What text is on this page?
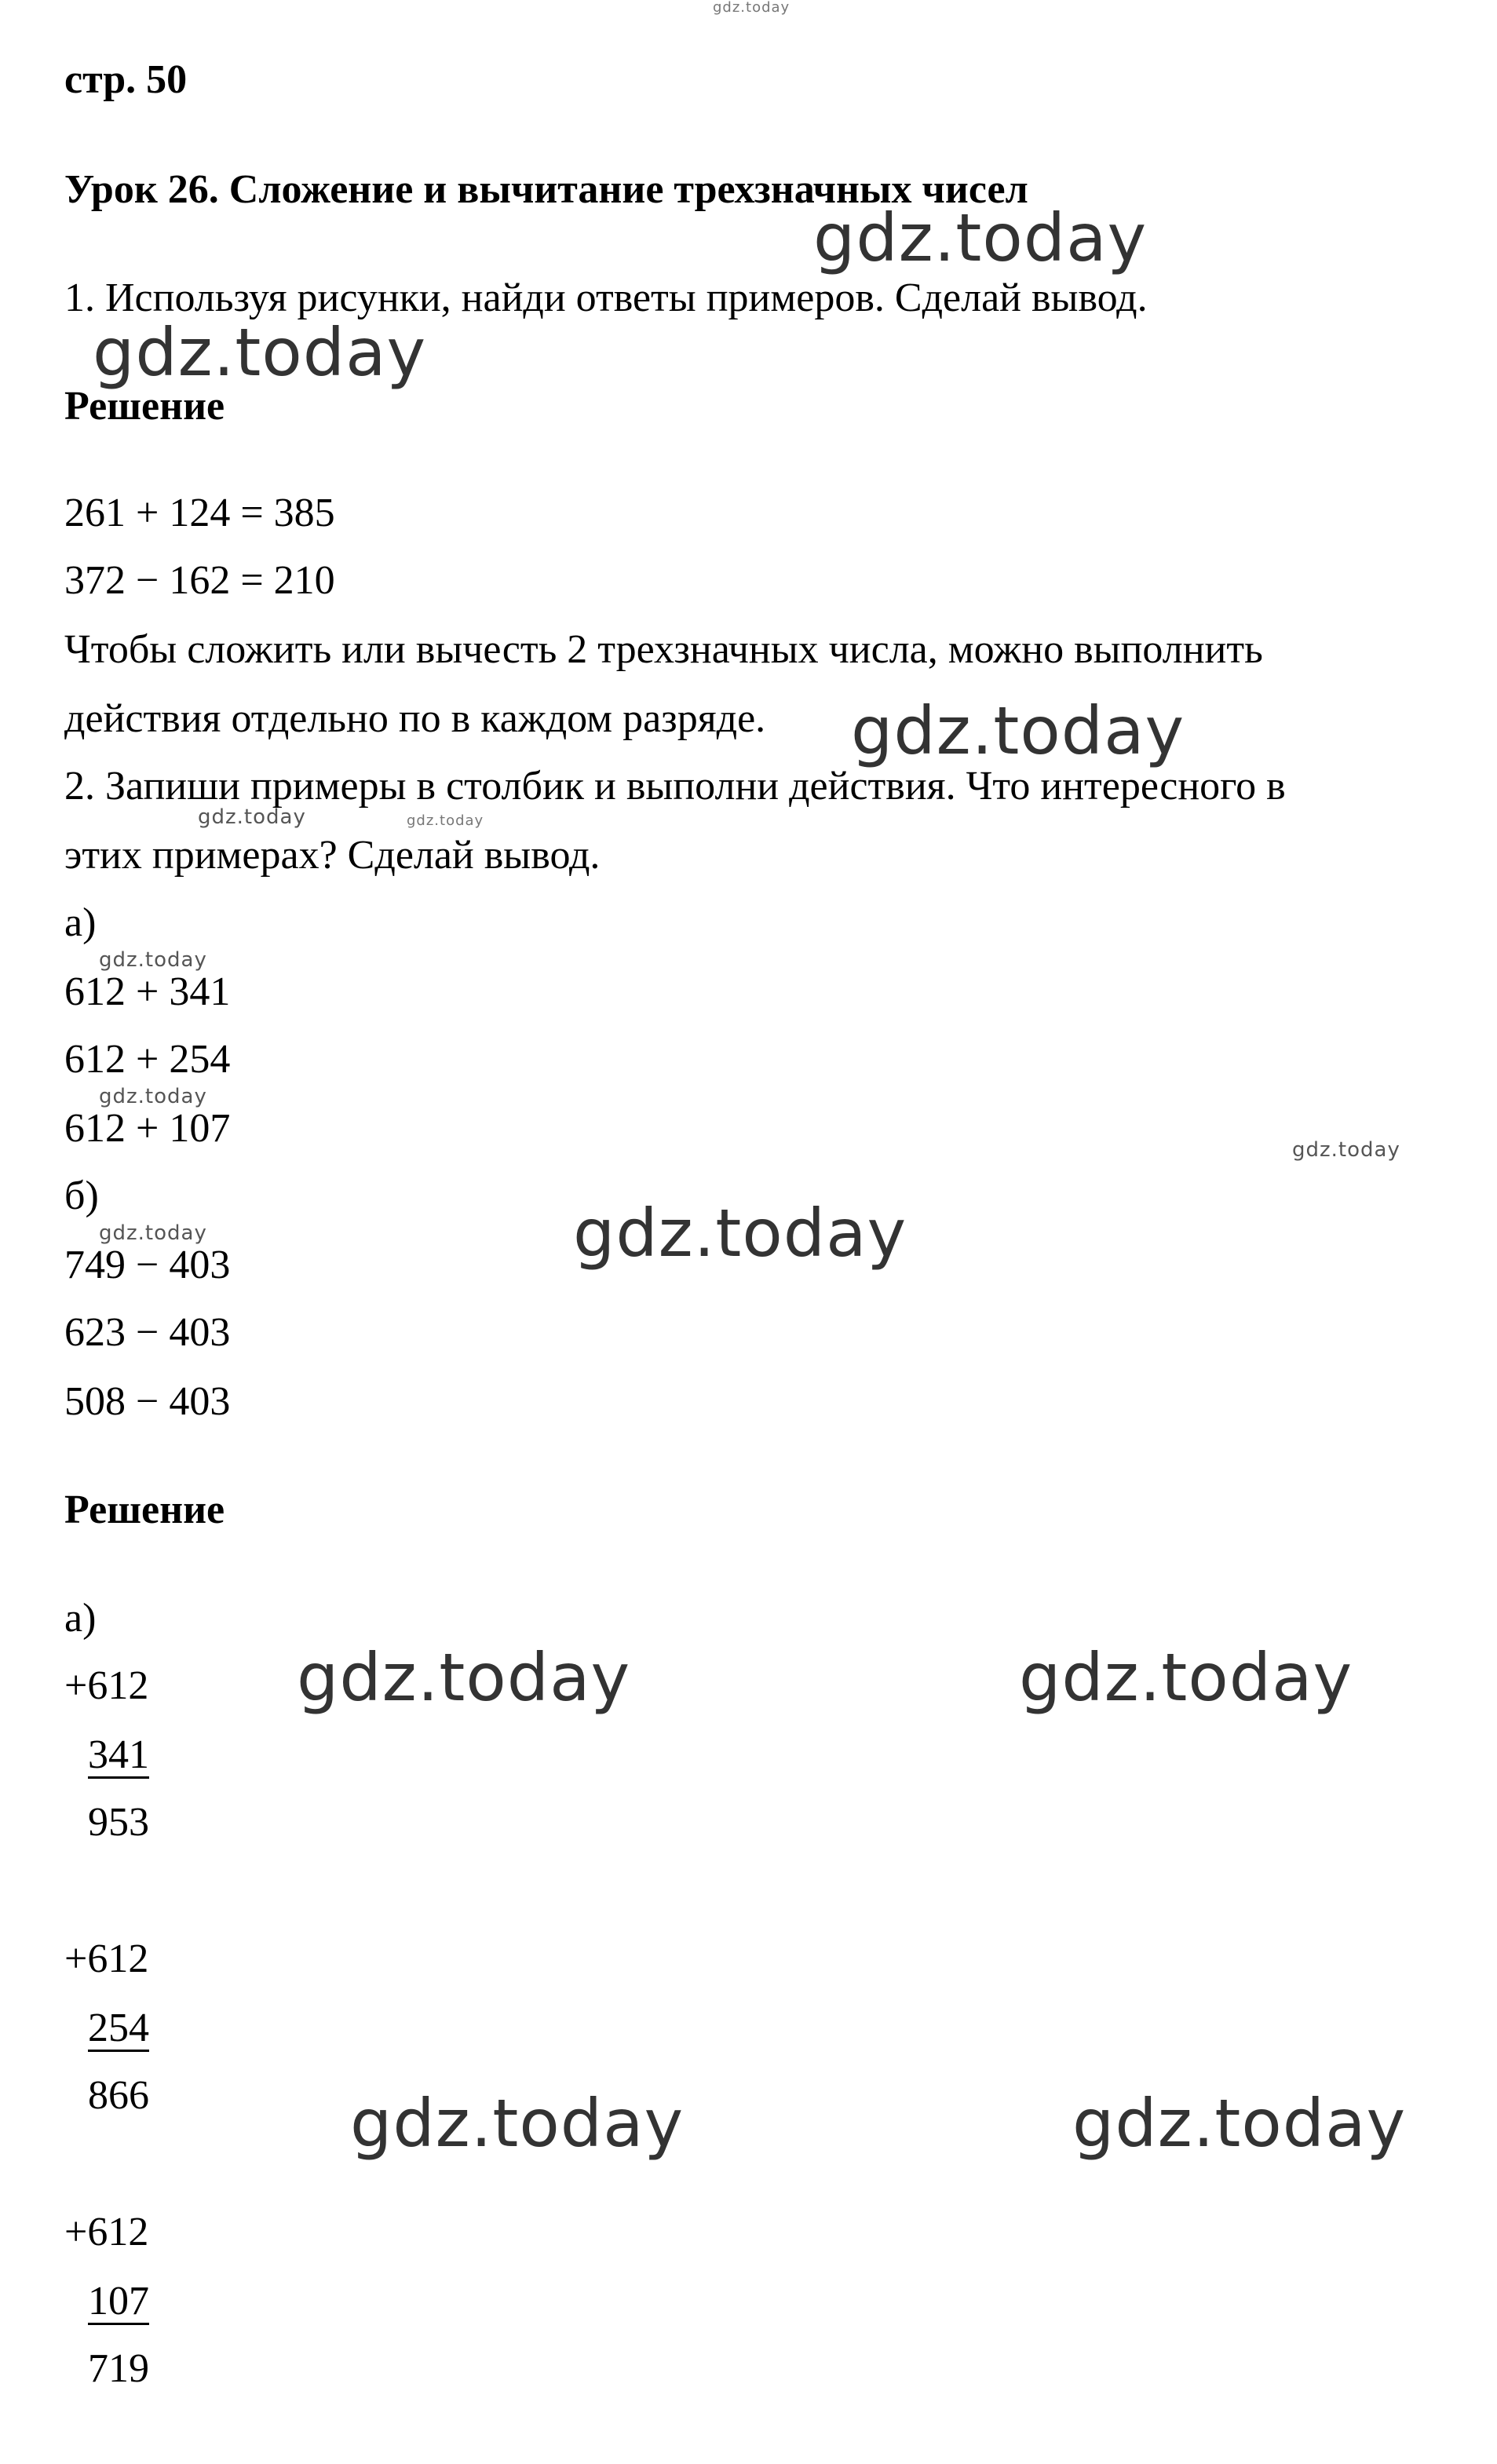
стр. 50
Урок 26. Сложение и вычитание трехзначных чисел
1. Используя рисунки, найди ответы примеров. Сделай вывод.
Решение
261 + 124 = 385
372 − 162 = 210
Чтобы сложить или вычесть 2 трехзначных числа, можно выполнить
действия отдельно по в каждом разряде.
2. Запиши примеры в столбик и выполни действия. Что интересного в
этих примерах? Сделай вывод.
а)
612 + 341
612 + 254
612 + 107
б)
749 − 403
623 − 403
508 − 403
Решение
а)
+612
341
953
+612
254
866
+612
107
719
gdz.today
gdz.today
gdz.today
gdz.today
gdz.today	gdz.today
gdz.today
gdz.today
gdz.today
gdz.today	gdz.today
gdz.today	gdz.today
gdz.today	gdz.today
